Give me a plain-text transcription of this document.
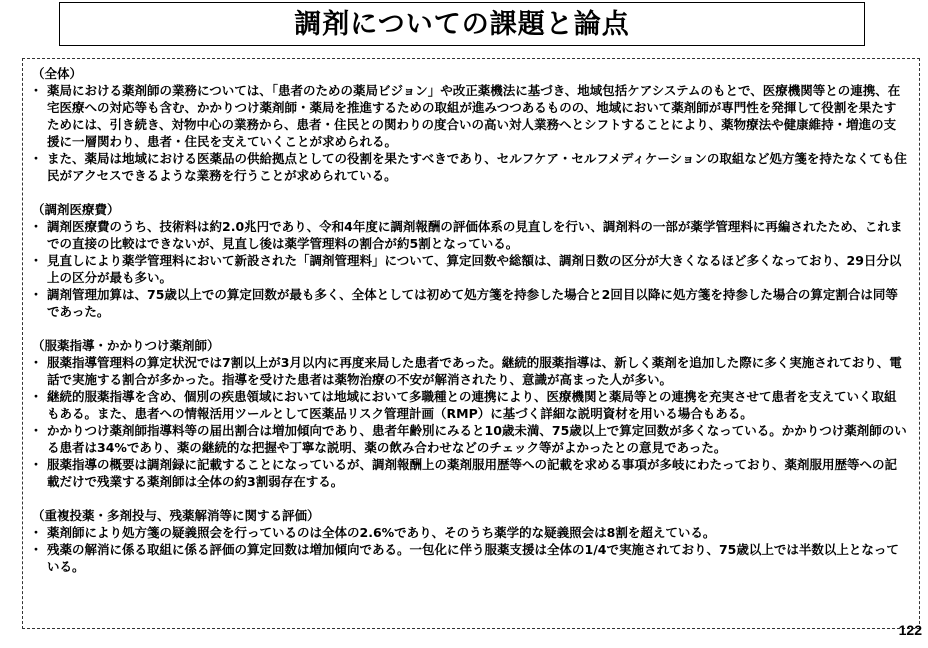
調剤についての課題と論点

（全体）

・ 薬局における薬剤師の業務については、「患者のための薬局ビジョン」や改正薬機法に基づき、地域包括ケアシステムのもとで、医療機関等との連携、在宅医療への対応等も含む、かかりつけ薬剤師・薬局を推進するための取組が進みつつあるものの、地域において薬剤師が専門性を発揮して役割を果たすためには、引き続き、対物中心の業務から、患者・住民との関わりの度合いの高い対人業務へとシフトすることにより、薬物療法や健康維持・増進の支援に一層関わり、患者・住民を支えていくことが求められる。

・ また、薬局は地域における医薬品の供給拠点としての役割を果たすべきであり、セルフケア・セルフメディケーションの取組など処方箋を持たなくても住民がアクセスできるような業務を行うことが求められている。

（調剤医療費）

・ 調剤医療費のうち、技術料は約2.0兆円であり、令和4年度に調剤報酬の評価体系の見直しを行い、調剤料の一部が薬学管理料に再編されたため、これまでの直接の比較はできないが、見直し後は薬学管理料の割合が約5割となっている。

・ 見直しにより薬学管理料において新設された「調剤管理料」について、算定回数や総額は、調剤日数の区分が大きくなるほど多くなっており、29日分以上の区分が最も多い。

・ 調剤管理加算は、75歳以上での算定回数が最も多く、全体としては初めて処方箋を持参した場合と2回目以降に処方箋を持参した場合の算定割合は同等であった。

（服薬指導・かかりつけ薬剤師）

・ 服薬指導管理料の算定状況では7割以上が3月以内に再度来局した患者であった。継続的服薬指導は、新しく薬剤を追加した際に多く実施されており、電話で実施する割合が多かった。指導を受けた患者は薬物治療の不安が解消されたり、意識が高まった人が多い。

・ 継続的服薬指導を含め、個別の疾患領域においては地域において多職種との連携により、医療機関と薬局等との連携を充実させて患者を支えていく取組もある。また、患者への情報活用ツールとして医薬品リスク管理計画（RMP）に基づく詳細な説明資材を用いる場合もある。

・ かかりつけ薬剤師指導料等の届出割合は増加傾向であり、患者年齢別にみると10歳未満、75歳以上で算定回数が多くなっている。かかりつけ薬剤師のいる患者は34%であり、薬の継続的な把握や丁寧な説明、薬の飲み合わせなどのチェック等がよかったとの意見であった。

・ 服薬指導の概要は調剤録に記載することになっているが、調剤報酬上の薬剤服用歴等への記載を求める事項が多岐にわたっており、薬剤服用歴等への記載だけで残業する薬剤師は全体の約3割弱存在する。

（重複投薬・多剤投与、残薬解消等に関する評価）

・ 薬剤師により処方箋の疑義照会を行っているのは全体の2.6%であり、そのうち薬学的な疑義照会は8割を超えている。

・ 残薬の解消に係る取組に係る評価の算定回数は増加傾向である。一包化に伴う服薬支援は全体の1/4で実施されており、75歳以上では半数以上となっている。

122
